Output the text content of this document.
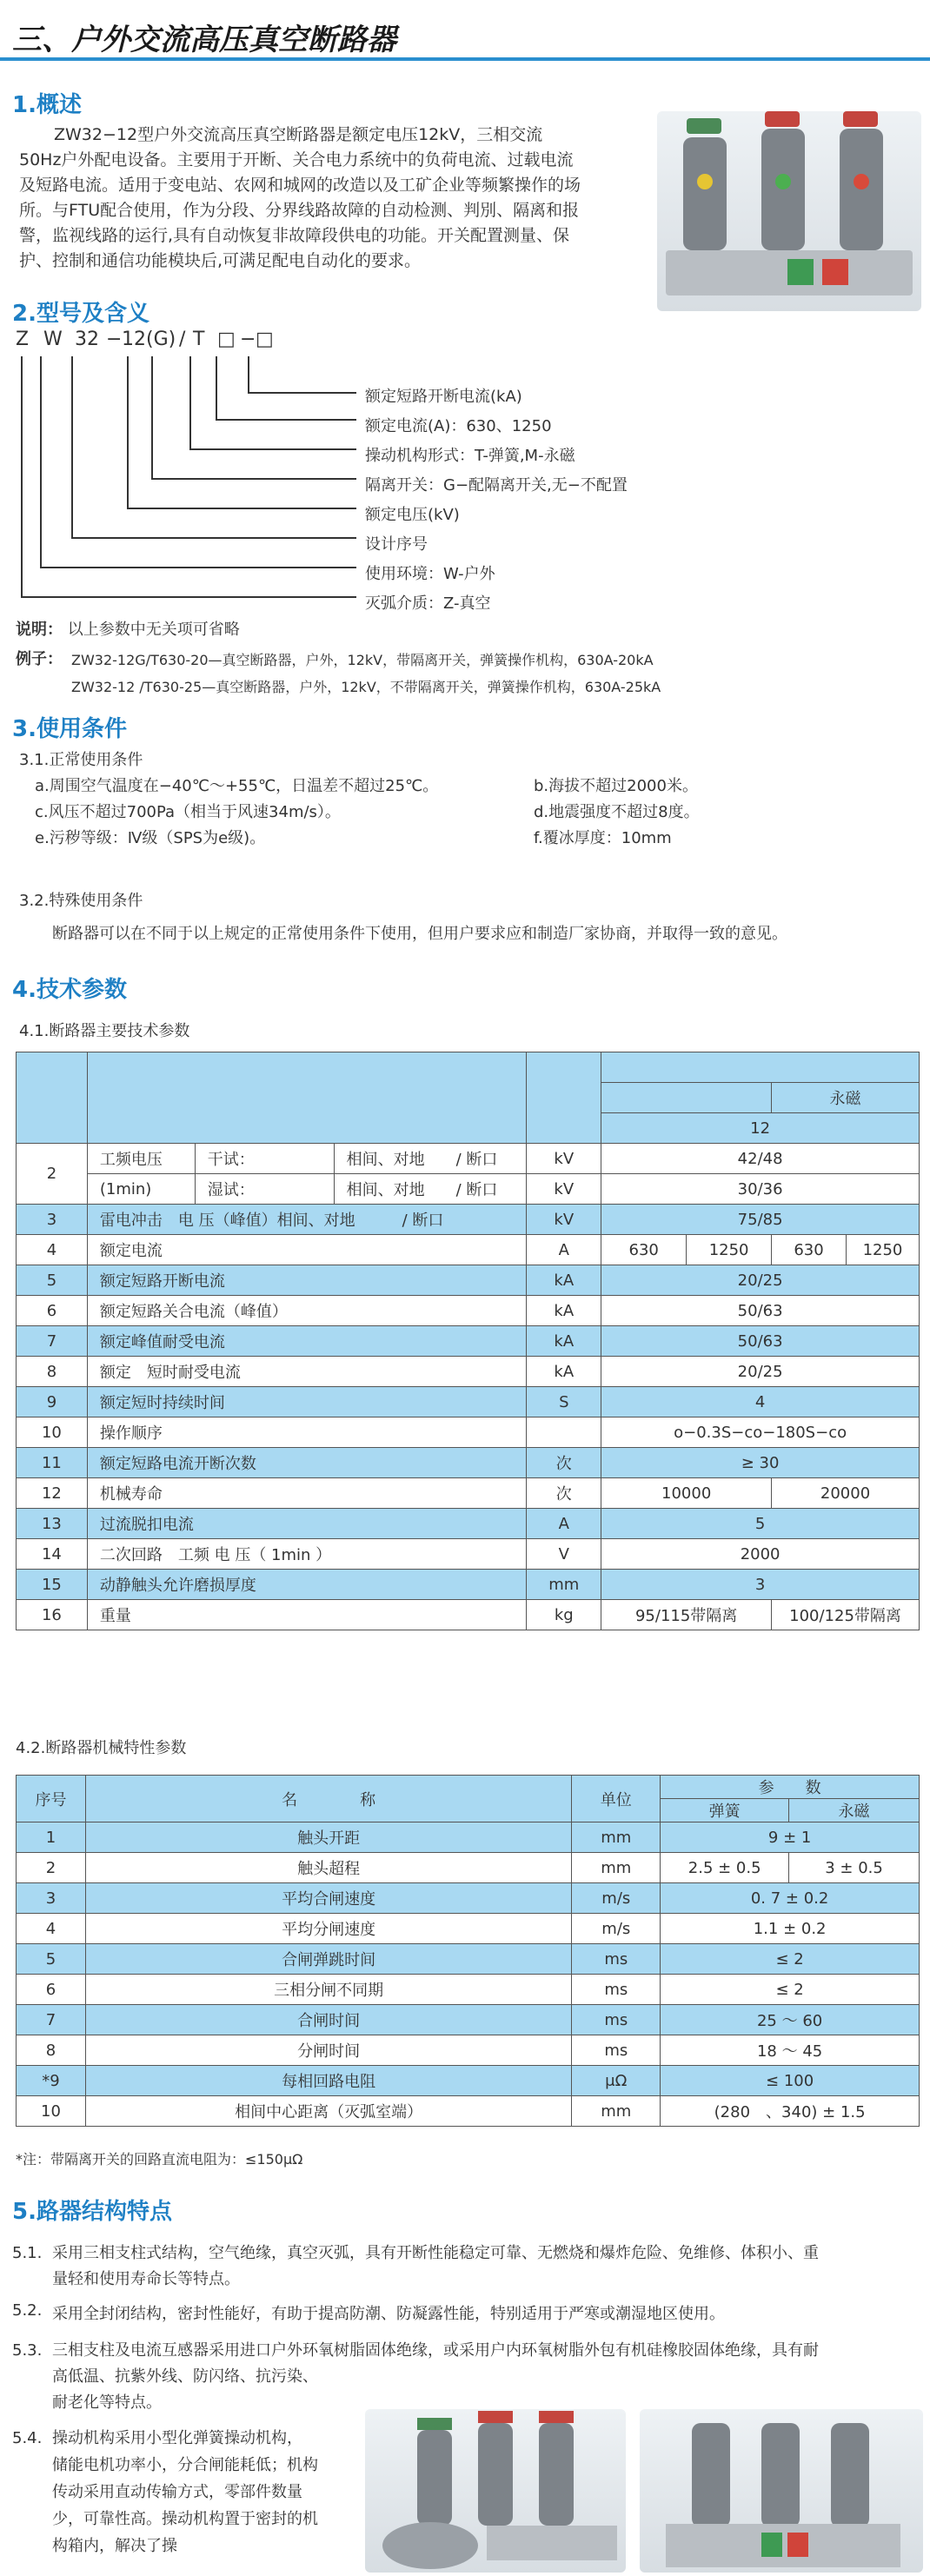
三、户外交流高压真空断路器
1.概述
ZW32−12型户外交流高压真空断路器是额定电压12kV，三相交流
50Hz户外配电设备。主要用于开断、关合电力系统中的负荷电流、过载电流
及短路电流。适用于变电站、农网和城网的改造以及工矿企业等频繁操作的场
所。与FTU配合使用，作为分段、分界线路故障的自动检测、判別、隔离和报
警，监视线路的运行,具有自动恢复非故障段供电的功能。开关配置测量、保
护、控制和通信功能模块后,可满足配电自动化的要求。
2.型号及含义
Z W 32 − 12 (G) / T □ − □
额定短路开断电流(kA)
额定电流(A)：630、1250
操动机构形式：T-弹簧,M-永磁
隔离开关：G−配隔离开关,无−不配置
额定电压(kV)
设计序号
使用环境：W-户外
灭弧介质：Z-真空
说明： 以上参数中无关项可省略
例子： ZW32-12G/T630-20—真空断路器，户外，12kV，带隔离开关，弹簧操作机构，630A-20kA
ZW32-12 /T630-25—真空断路器，户外，12kV，不带隔离开关，弹簧操作机构，630A-25kA
3.使用条件
3.1.正常使用条件
a.周围空气温度在−40℃～+55℃，日温差不超过25℃。	b.海拔不超过2000米。
c.风压不超过700Pa（相当于风速34m/s）。	d.地震强度不超过8度。
e.污秽等级：Ⅳ级（SPS为e级)。	f.覆冰厚度：10mm
3.2.特殊使用条件
断路器可以在不同于以上规定的正常使用条件下使用，但用户要求应和制造厂家协商，并取得一致的意见。
4.技术参数
4.1.断路器主要技术参数

							永磁	
					12			
2	工频电压	干试：	相间、对地　　/ 断口	kV	42/48			
	(1min)	湿试：	相间、对地　　/ 断口	kV	30/36			
3	雷电冲击　电 压（峰值）相间、对地　　　/ 断口			kV	75/85			
4	额定电流			A	630	1250	630	1250
5	额定短路开断电流			kA	20/25			
6	额定短路关合电流（峰值）			kA	50/63			
7	额定峰值耐受电流			kA	50/63			
8	额定　短时耐受电流			kA	20/25			
9	额定短时持续时间			S	4			
10	操作顺序				o−0.3S−co−180S−co			
11	额定短路电流开断次数			次	≥ 30			
12	机械寿命			次	10000		20000	
13	过流脱扣电流			A	5			
14	二次回路　工频 电 压（ 1min ）			V	2000			
15	动静触头允许磨损厚度			mm	3			
16	重量			kg	95/115带隔离		100/125带隔离	
4.2.断路器机械特性参数
序号	名　　　　称	单位	参　　数	
			弹簧	永磁
1	触头开距	mm	9 ± 1	
2	触头超程	mm	2.5 ± 0.5	3 ± 0.5
3	平均合闸速度	m/s	0. 7 ± 0.2	
4	平均分闸速度	m/s	1.1 ± 0.2	
5	合闸弹跳时间	ms	≤ 2	
6	三相分闸不同期	ms	≤ 2	
7	合闸时间	ms	25 ～ 60	
8	分闸时间	ms	18 ～ 45	
*9	每相回路电阻	μΩ	≤ 100	
10	相间中心距离（灭弧室端）	mm	(280　、340) ± 1.5	
*注：带隔离开关的回路直流电阻为：≤150μΩ
5.路器结构特点
5.1. 采用三相支柱式结构，空气绝缘，真空灭弧，具有开断性能稳定可靠、无燃烧和爆炸危险、免维修、体积小、重
量轻和使用寿命长等特点。
5.2. 采用全封闭结构，密封性能好，有助于提高防潮、防凝露性能，特别适用于严寒或潮湿地区使用。
5.3. 三相支柱及电流互感器采用进口户外环氧树脂固体绝缘，或采用户内环氧树脂外包有机硅橡胶固体绝缘，具有耐
高低温、抗紫外线、防闪络、抗污染、
耐老化等特点。
5.4. 操动机构采用小型化弹簧操动机构，
储能电机功率小，分合闸能耗低；机构
传动采用直动传输方式，零部件数量
少，可靠性高。操动机构置于密封的机
构箱内，解决了操
